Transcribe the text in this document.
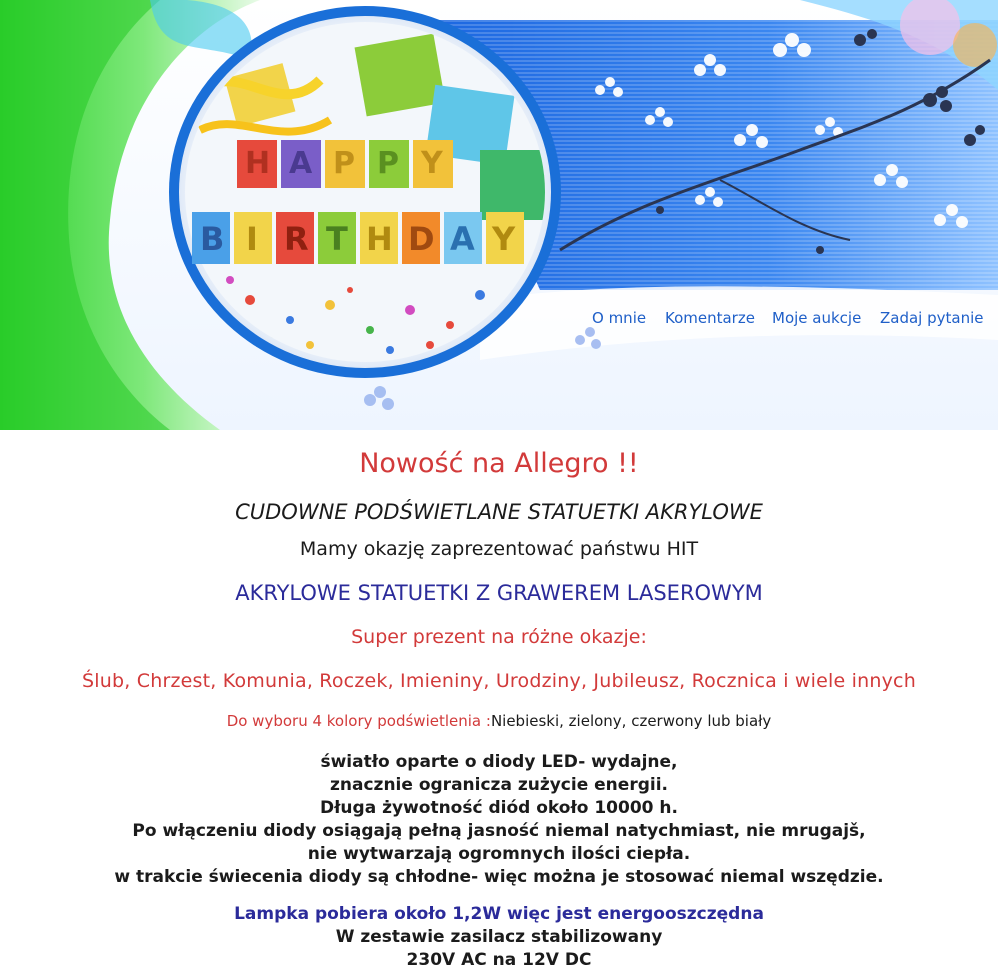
H A P P Y
B I R T H D A Y
O mnie Komentarze Moje aukcje Zadaj pytanie
Nowość na Allegro !!
CUDOWNE PODŚWIETLANE STATUETKI AKRYLOWE
Mamy okazję zaprezentować państwu HIT
AKRYLOWE STATUETKI Z GRAWEREM LASEROWYM
Super prezent na różne okazje:
Ślub, Chrzest, Komunia, Roczek, Imieniny, Urodziny, Jubileusz, Rocznica i wiele innych
Do wyboru 4 kolory podświetlenia :Niebieski, zielony, czerwony lub biały
światło oparte o diody LED- wydajne,
znacznie ogranicza zużycie energii.
Długa żywotność diód około 10000 h.
Po włączeniu diody osiągają pełną jasność niemal natychmiast, nie mrugajš,
nie wytwarzają ogromnych ilości ciepła.
w trakcie świecenia diody są chłodne- więc można je stosować niemal wszędzie.
Lampka pobiera około 1,2W więc jest energooszczędna
W zestawie zasilacz stabilizowany
230V AC na 12V DC
